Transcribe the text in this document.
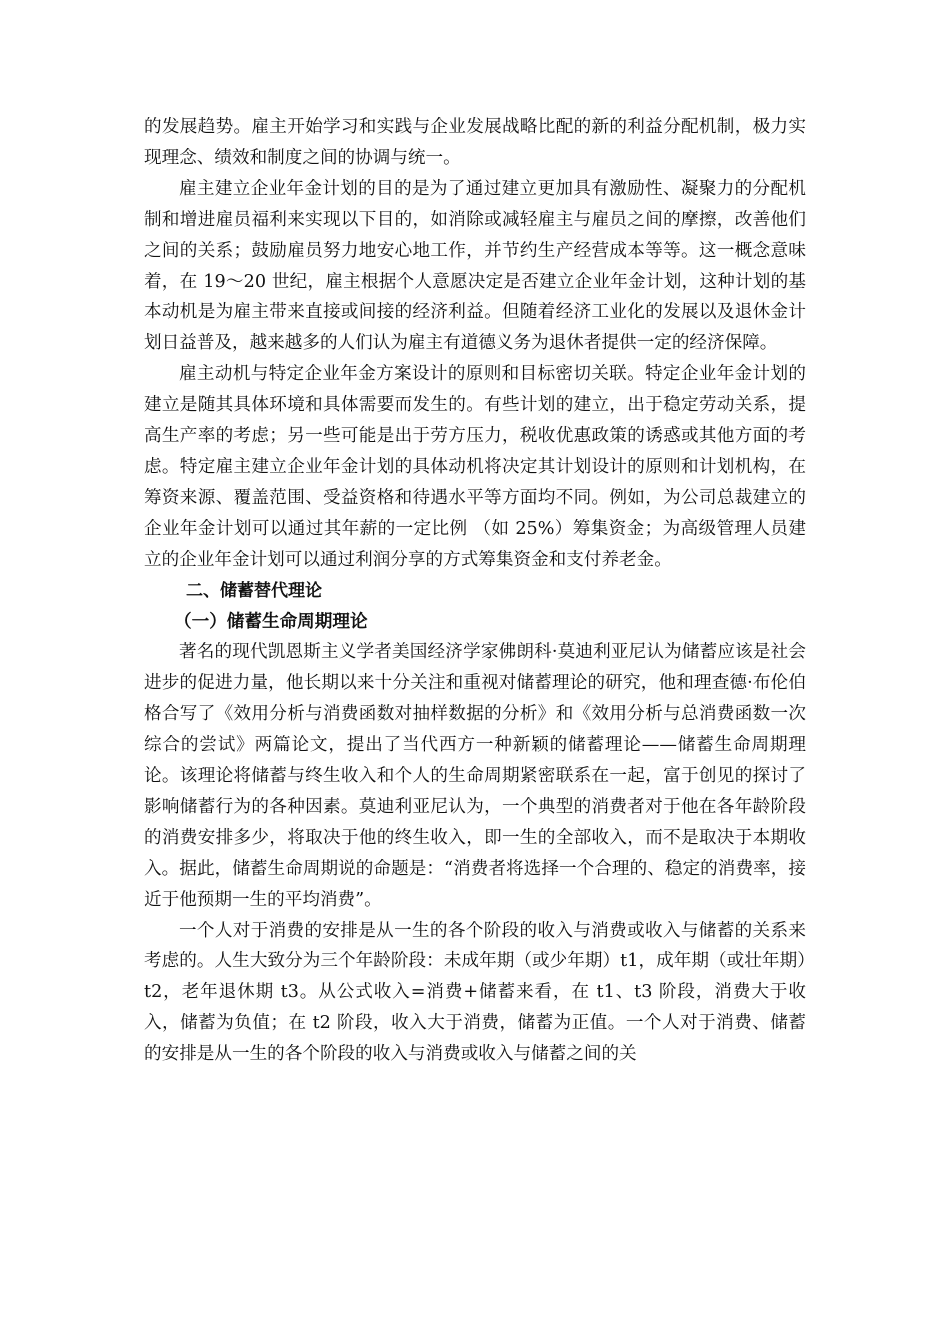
的发展趋势。雇主开始学习和实践与企业发展战略比配的新的利益分配机制，极力实现理念、绩效和制度之间的协调与统一。

雇主建立企业年金计划的目的是为了通过建立更加具有激励性、凝聚力的分配机制和增进雇员福利来实现以下目的，如消除或减轻雇主与雇员之间的摩擦，改善他们之间的关系；鼓励雇员努力地安心地工作，并节约生产经营成本等等。这一概念意味着，在 19～20 世纪，雇主根据个人意愿决定是否建立企业年金计划，这种计划的基本动机是为雇主带来直接或间接的经济利益。但随着经济工业化的发展以及退休金计划日益普及，越来越多的人们认为雇主有道德义务为退休者提供一定的经济保障。

雇主动机与特定企业年金方案设计的原则和目标密切关联。特定企业年金计划的建立是随其具体环境和具体需要而发生的。有些计划的建立，出于稳定劳动关系，提高生产率的考虑；另一些可能是出于劳方压力，税收优惠政策的诱惑或其他方面的考虑。特定雇主建立企业年金计划的具体动机将决定其计划设计的原则和计划机构，在筹资来源、覆盖范围、受益资格和待遇水平等方面均不同。例如，为公司总裁建立的企业年金计划可以通过其年薪的一定比例 （如 25%）筹集资金；为高级管理人员建立的企业年金计划可以通过利润分享的方式筹集资金和支付养老金。

二、储蓄替代理论
（一）储蓄生命周期理论

著名的现代凯恩斯主义学者美国经济学家佛朗科·莫迪利亚尼认为储蓄应该是社会进步的促进力量，他长期以来十分关注和重视对储蓄理论的研究，他和理查德·布伦伯格合写了《效用分析与消费函数对抽样数据的分析》和《效用分析与总消费函数一次综合的尝试》两篇论文，提出了当代西方一种新颖的储蓄理论——储蓄生命周期理论。该理论将储蓄与终生收入和个人的生命周期紧密联系在一起，富于创见的探讨了影响储蓄行为的各种因素。莫迪利亚尼认为，一个典型的消费者对于他在各年龄阶段的消费安排多少，将取决于他的终生收入，即一生的全部收入，而不是取决于本期收入。据此，储蓄生命周期说的命题是：“消费者将选择一个合理的、稳定的消费率，接近于他预期一生的平均消费”。

一个人对于消费的安排是从一生的各个阶段的收入与消费或收入与储蓄的关系来考虑的。人生大致分为三个年龄阶段：未成年期（或少年期）t1，成年期（或壮年期）t2，老年退休期 t3。从公式收入=消费+储蓄来看，在 t1、t3 阶段，消费大于收入，储蓄为负值；在 t2 阶段，收入大于消费，储蓄为正值。一个人对于消费、储蓄的安排是从一生的各个阶段的收入与消费或收入与储蓄之间的关
